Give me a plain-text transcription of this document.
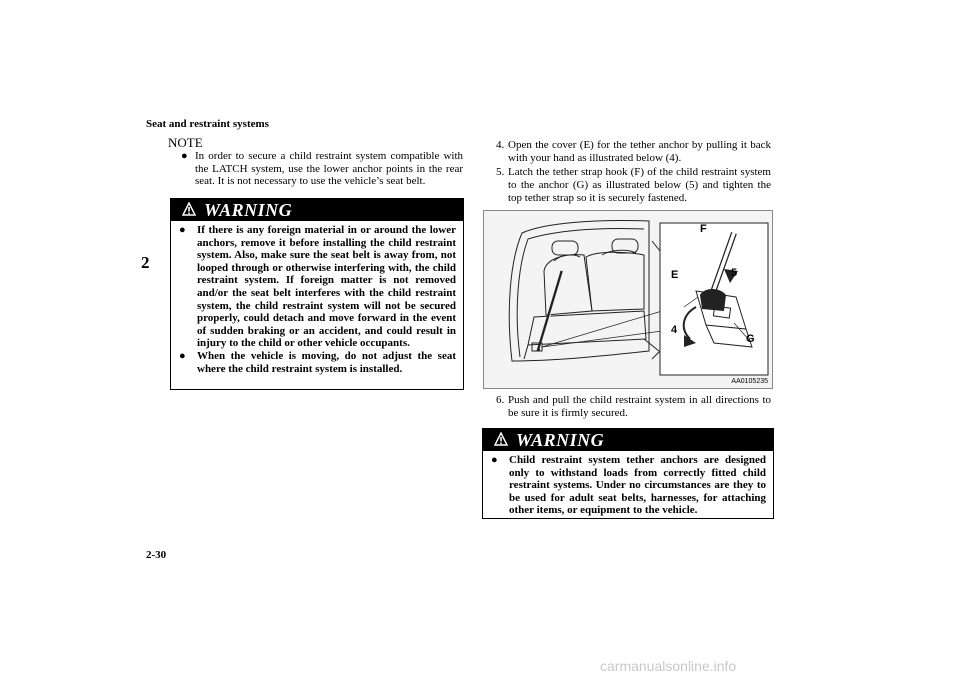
Seat and restraint systems
2
2-30
carmanualsonline.info
NOTE
● In order to secure a child restraint system compatible with the LATCH system, use the lower anchor points in the rear seat. It is not necessary to use the vehicle’s seat belt.
WARNING
● If there is any foreign material in or around the lower anchors, remove it before installing the child restraint system. Also, make sure the seat belt is away from, not looped through or otherwise interfering with, the child restraint system. If foreign matter is not removed and/or the seat belt interferes with the child restraint system, the child restraint system will not be secured properly, could detach and move forward in the event of sudden braking or an accident, and could result in injury to the child or other vehicle occupants.
● When the vehicle is moving, do not adjust the seat where the child restraint system is installed.
4. Open the cover (E) for the tether anchor by pulling it back with your hand as illustrated below (4).
5. Latch the tether strap hook (F) of the child restraint system to the anchor (G) as illustrated below (5) and tighten the top tether strap so it is securely fastened.
F
E	5
4
G
AA0105235
6. Push and pull the child restraint system in all directions to be sure it is firmly secured.
WARNING
● Child restraint system tether anchors are designed only to withstand loads from correctly fitted child restraint systems. Under no circumstances are they to be used for adult seat belts, harnesses, for attaching other items, or equipment to the vehicle.
